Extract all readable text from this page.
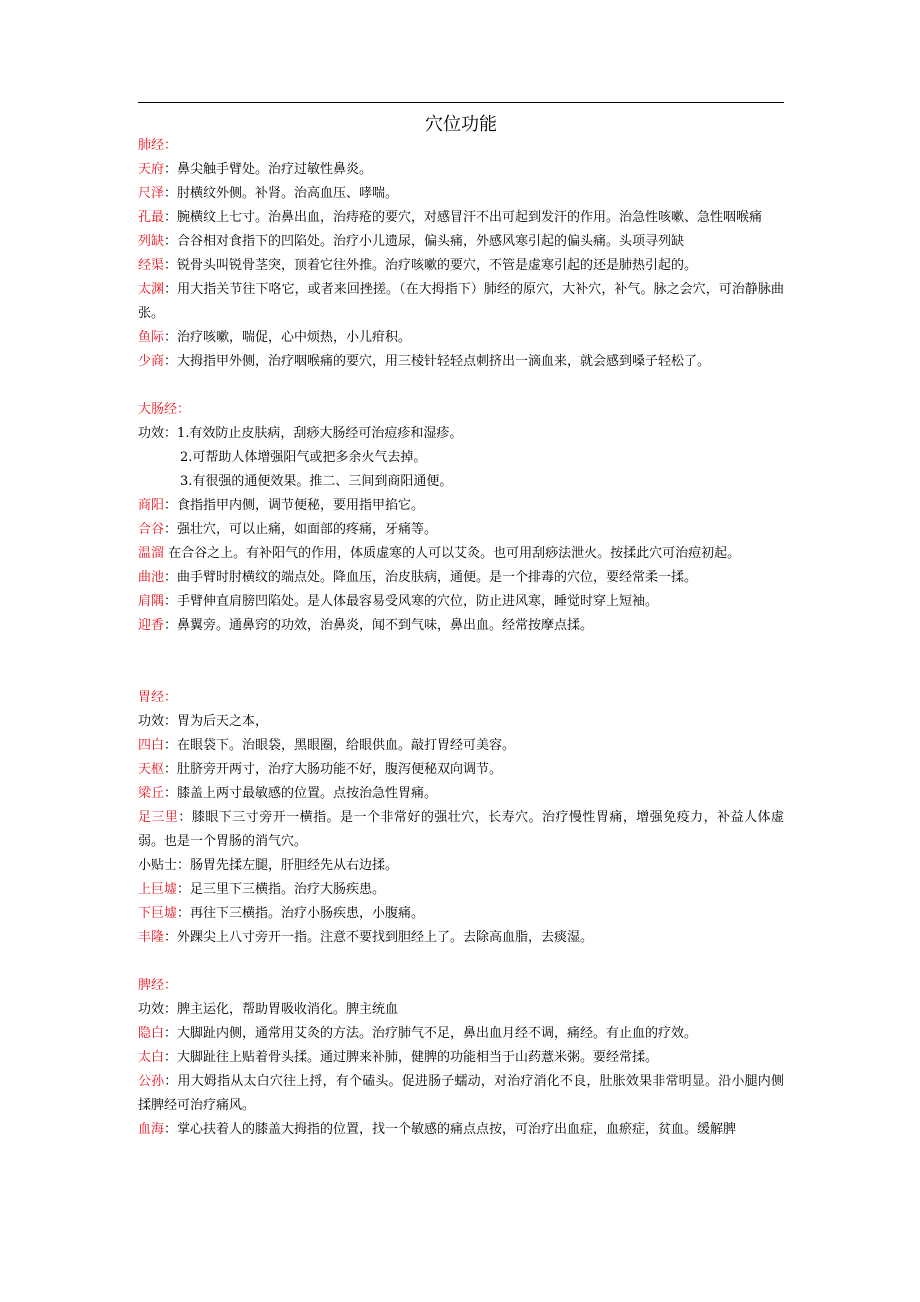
穴位功能
肺经：
天府：鼻尖触手臂处。治疗过敏性鼻炎。
尺泽：肘横纹外侧。补肾。治高血压、哮喘。
孔最：腕横纹上七寸。治鼻出血，治痔疮的要穴，对感冒汗不出可起到发汗的作用。治急性咳嗽、急性咽喉痛
列缺：合谷相对食指下的凹陷处。治疗小儿遗尿，偏头痛，外感风寒引起的偏头痛。头项寻列缺
经渠：锐骨头叫锐骨茎突，顶着它往外推。治疗咳嗽的要穴，不管是虚寒引起的还是肺热引起的。
太渊：用大指关节往下咯它，或者来回挫搓。（在大拇指下）肺经的原穴，大补穴，补气。脉之会穴，可治静脉曲张。
鱼际：治疗咳嗽，喘促，心中烦热，小儿疳积。
少商：大拇指甲外侧，治疗咽喉痛的要穴，用三棱针轻轻点刺挤出一滴血来，就会感到嗓子轻松了。
大肠经：
功效：1.有效防止皮肤病，刮痧大肠经可治痘疹和湿疹。
2.可帮助人体增强阳气或把多余火气去掉。
3.有很强的通便效果。推二、三间到商阳通便。
商阳：食指指甲内侧，调节便秘，要用指甲掐它。
合谷：强壮穴，可以止痛，如面部的疼痛，牙痛等。
温溜 在合谷之上。有补阳气的作用，体质虚寒的人可以艾灸。也可用刮痧法泄火。按揉此穴可治痘初起。
曲池：曲手臂时肘横纹的端点处。降血压，治皮肤病，通便。是一个排毒的穴位，要经常柔一揉。
肩隅：手臂伸直肩膀凹陷处。是人体最容易受风寒的穴位，防止进风寒，睡觉时穿上短袖。
迎香：鼻翼旁。通鼻窍的功效，治鼻炎，闻不到气味，鼻出血。经常按摩点揉。
胃经：
功效：胃为后天之本，
四白：在眼袋下。治眼袋，黑眼圈，给眼供血。敲打胃经可美容。
天枢：肚脐旁开两寸，治疗大肠功能不好，腹泻便秘双向调节。
梁丘：膝盖上两寸最敏感的位置。点按治急性胃痛。
足三里：膝眼下三寸旁开一横指。是一个非常好的强壮穴，长寿穴。治疗慢性胃痛，增强免疫力，补益人体虚弱。也是一个胃肠的消气穴。
小贴士：肠胃先揉左腿，肝胆经先从右边揉。
上巨墟：足三里下三横指。治疗大肠疾患。
下巨墟：再往下三横指。治疗小肠疾患，小腹痛。
丰隆：外踝尖上八寸旁开一指。注意不要找到胆经上了。去除高血脂，去痰湿。
脾经：
功效：脾主运化，帮助胃吸收消化。脾主统血
隐白：大脚趾内侧，通常用艾灸的方法。治疗肺气不足，鼻出血月经不调，痛经。有止血的疗效。
太白：大脚趾往上贴着骨头揉。通过脾来补肺，健脾的功能相当于山药薏米粥。要经常揉。
公孙：用大姆指从太白穴往上捋，有个磕头。促进肠子蠕动，对治疗消化不良，肚胀效果非常明显。沿小腿内侧揉脾经可治疗痛风。
血海：掌心扶着人的膝盖大拇指的位置，找一个敏感的痛点点按，可治疗出血症，血瘀症，贫血。缓解脾
